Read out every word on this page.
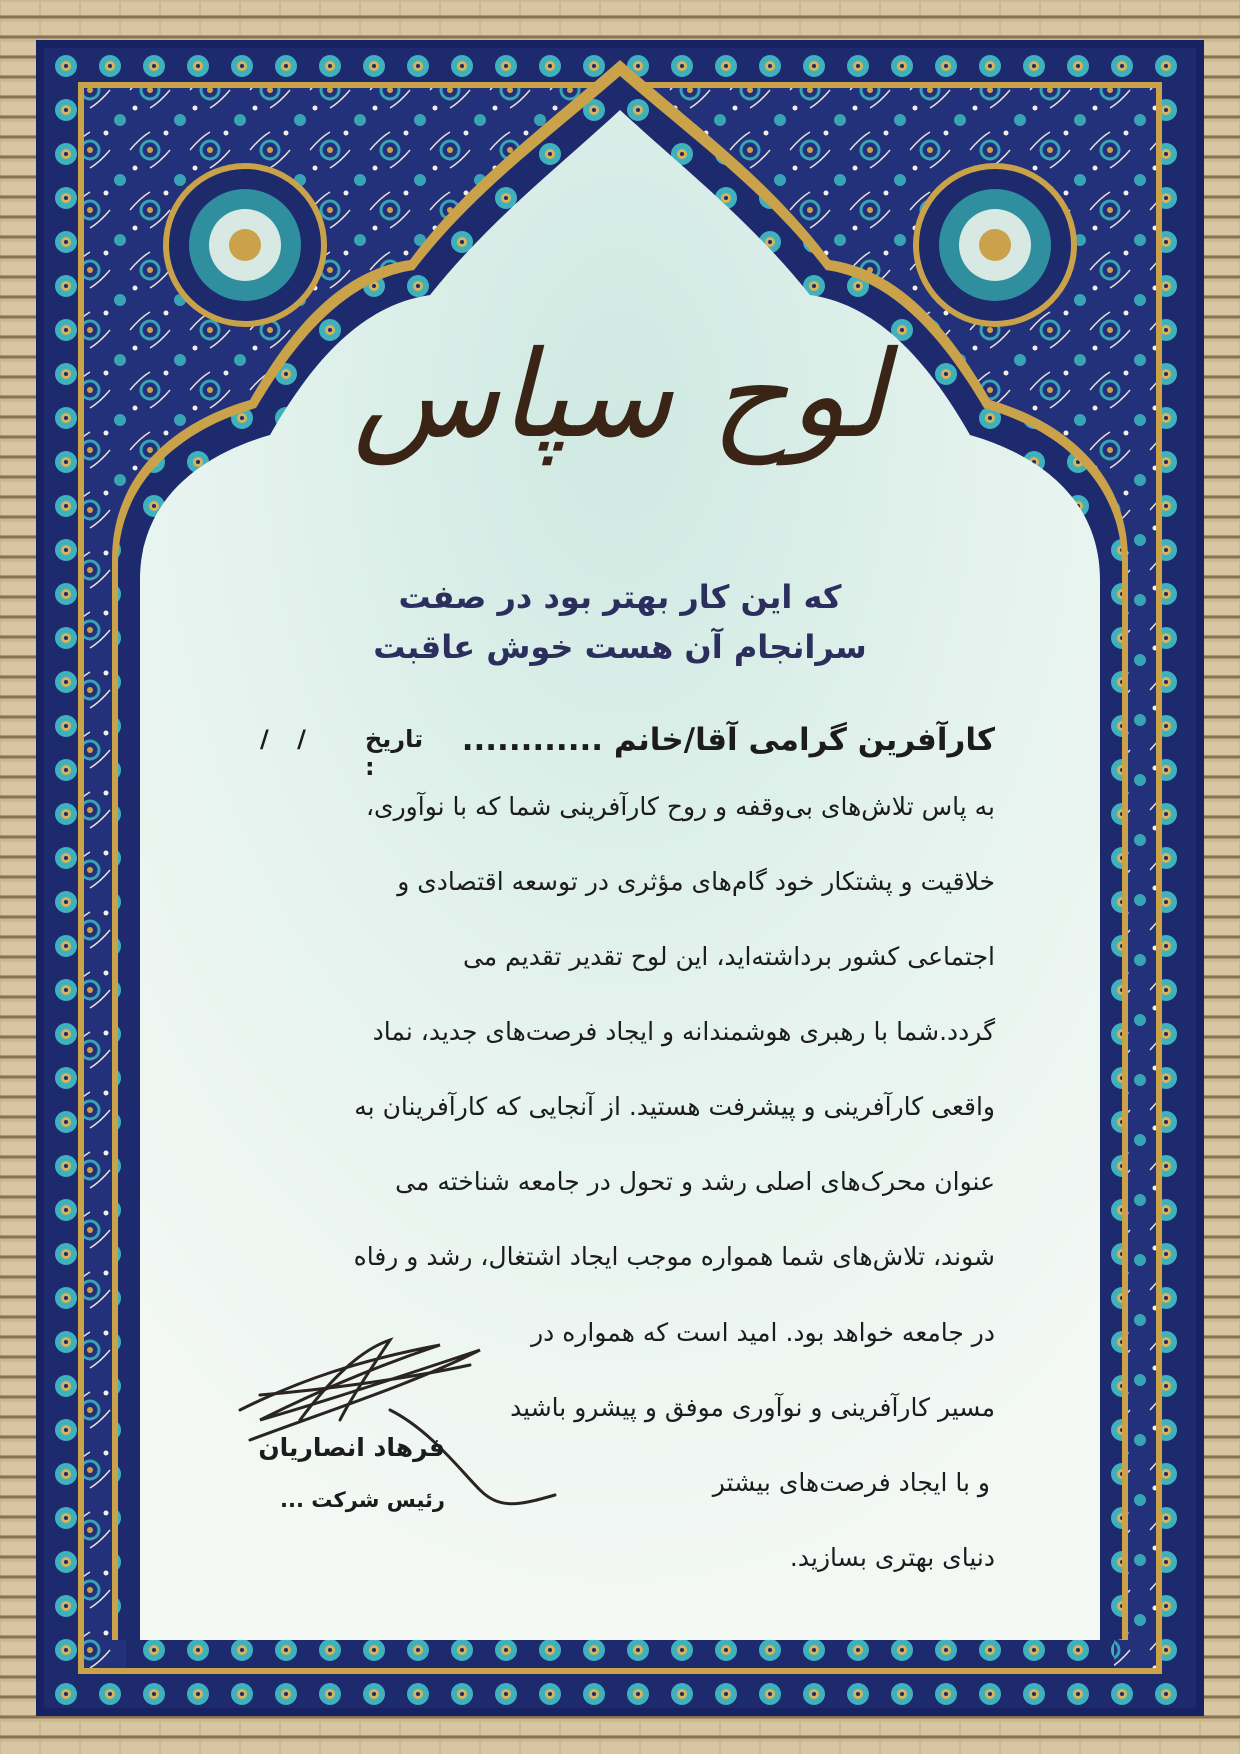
لوح سپاس
که این کار بهتر بود در صفت
سرانجام آن هست خوش عاقبت
کارآفرین گرامی آقا/خانم ............
تاریخ :
/ /
به پاس تلاش‌های بی‌وقفه و روح کارآفرینی شما که با نوآوری،
خلاقیت و پشتکار خود گام‌های مؤثری در توسعه اقتصادی و
اجتماعی کشور برداشته‌اید، این لوح تقدیر تقدیم می
گردد.شما با رهبری هوشمندانه و ایجاد فرصت‌های جدید، نماد
واقعی کارآفرینی و پیشرفت هستید. از آنجایی که کارآفرینان به
عنوان محرک‌های اصلی رشد و تحول در جامعه شناخته می
شوند، تلاش‌های شما همواره موجب ایجاد اشتغال، رشد و رفاه
در جامعه خواهد بود. امید است که همواره در
مسیر کارآفرینی و نوآوری موفق و پیشرو باشید
و با ایجاد فرصت‌های بیشتر
دنیای بهتری بسازید.
فرهاد انصاریان
رئیس شرکت ...
